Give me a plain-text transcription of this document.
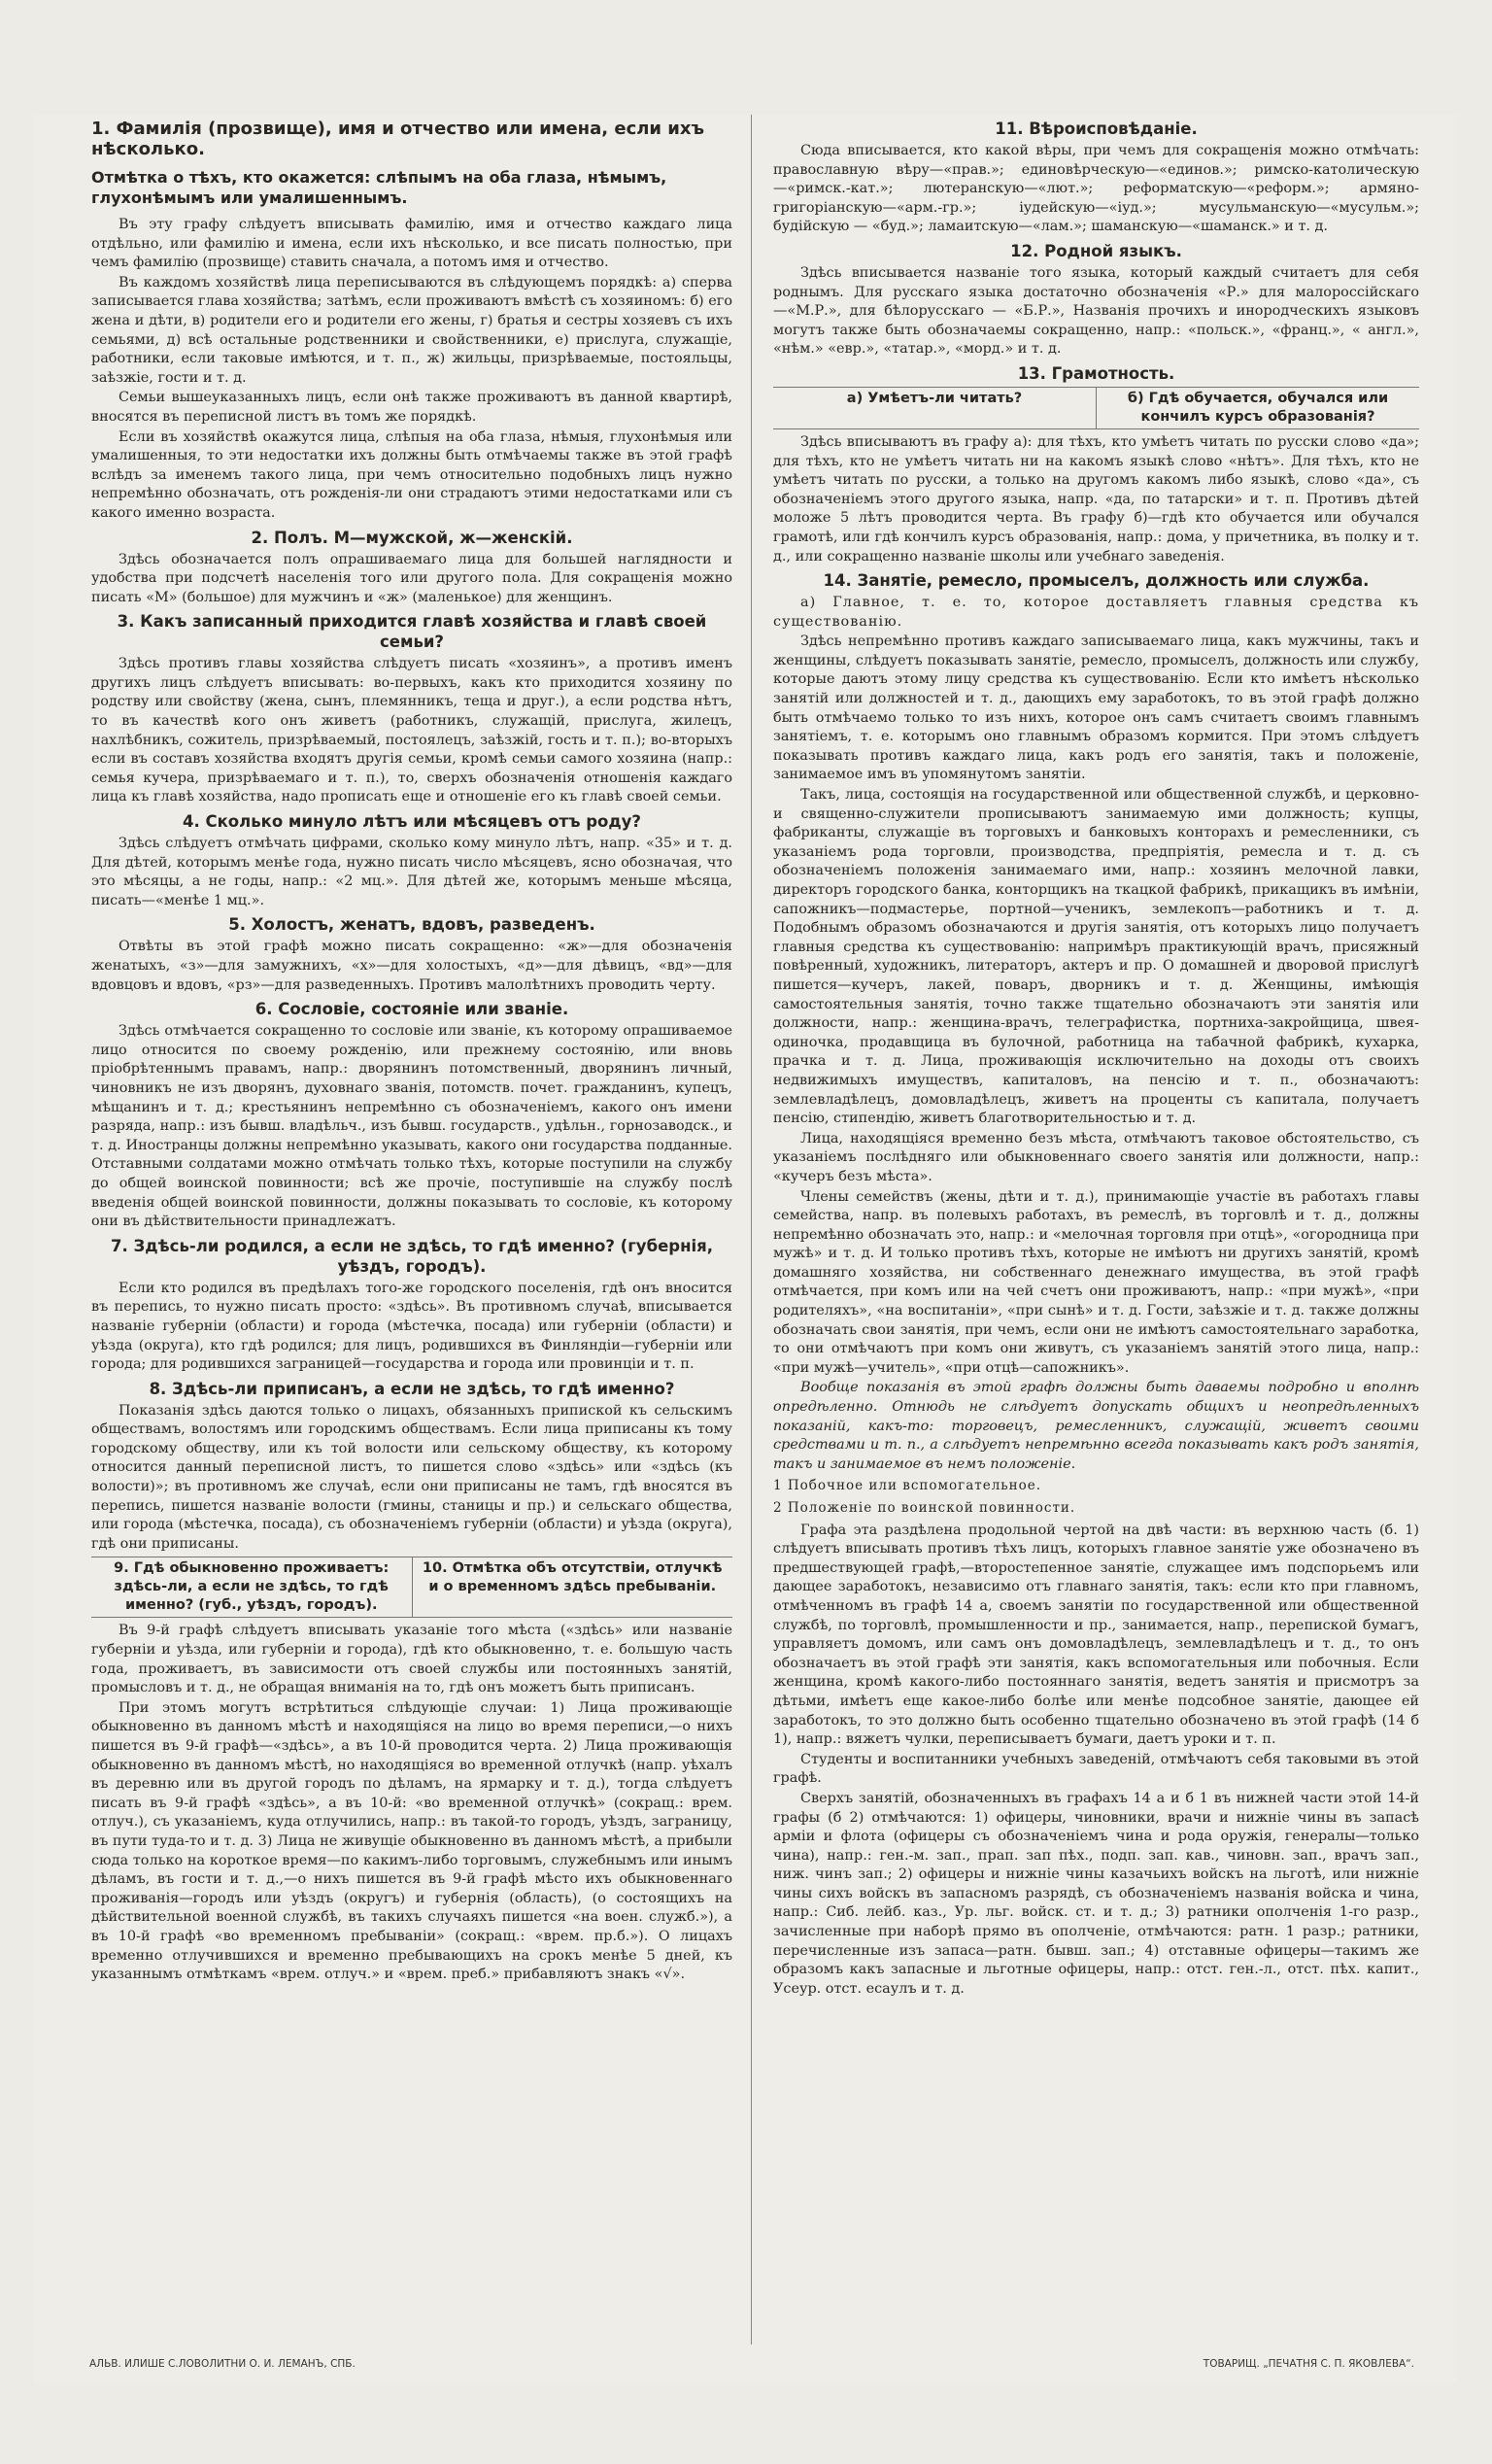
1. Фамилія (прозвище), имя и отчество или имена, если ихъ нѣсколько.
Отмѣтка о тѣхъ, кто окажется: слѣпымъ на оба глаза, нѣмымъ, глухонѣмымъ или умалишеннымъ.

Въ эту графу слѣдуетъ вписывать фамилію, имя и отчество каждаго лица отдѣльно, или фамилію и имена, если ихъ нѣсколько, и все писать полностью, при чемъ фамилію (прозвище) ставить сначала, а потомъ имя и отчество.

Въ каждомъ хозяйствѣ лица переписываются въ слѣдующемъ порядкѣ: а) сперва записывается глава хозяйства; затѣмъ, если проживаютъ вмѣстѣ съ хозяиномъ: б) его жена и дѣти, в) родители его и родители его жены, г) братья и сестры хозяевъ съ ихъ семьями, д) всѣ остальные родственники и свойственники, е) прислуга, служащіе, работники, если таковые имѣются, и т. п., ж) жильцы, призрѣваемые, постояльцы, заѣзжіе, гости и т. д.

Семьи вышеуказанныхъ лицъ, если онѣ также проживаютъ въ данной квартирѣ, вносятся въ переписной листъ въ томъ же порядкѣ.

Если въ хозяйствѣ окажутся лица, слѣпыя на оба глаза, нѣмыя, глухонѣмыя или умалишенныя, то эти недостатки ихъ должны быть отмѣчаемы также въ этой графѣ вслѣдъ за именемъ такого лица, при чемъ относительно подобныхъ лицъ нужно непремѣнно обозначать, отъ рожденія-ли они страдаютъ этими недостатками или съ какого именно возраста.

2. Полъ. М—мужской, ж—женскій.

Здѣсь обозначается полъ опрашиваемаго лица для большей наглядности и удобства при подсчетѣ населенія того или другого пола. Для сокращенія можно писать «М» (большое) для мужчинъ и «ж» (маленькое) для женщинъ.

3. Какъ записанный приходится главѣ хозяйства и главѣ своей семьи?

Здѣсь противъ главы хозяйства слѣдуетъ писать «хозяинъ», а противъ именъ другихъ лицъ слѣдуетъ вписывать: во-первыхъ, какъ кто приходится хозяину по родству или свойству (жена, сынъ, племянникъ, теща и друг.), а если родства нѣтъ, то въ качествѣ кого онъ живетъ (работникъ, служащій, прислуга, жилецъ, нахлѣбникъ, сожитель, призрѣваемый, постоялецъ, заѣзжій, гость и т. п.); во-вторыхъ если въ составъ хозяйства входятъ другія семьи, кромѣ семьи самого хозяина (напр.: семья кучера, призрѣваемаго и т. п.), то, сверхъ обозначенія отношенія каждаго лица къ главѣ хозяйства, надо прописать еще и отношеніе его къ главѣ своей семьи.

4. Сколько минуло лѣтъ или мѣсяцевъ отъ роду?

Здѣсь слѣдуетъ отмѣчать цифрами, сколько кому минуло лѣтъ, напр. «35» и т. д. Для дѣтей, которымъ менѣе года, нужно писать число мѣсяцевъ, ясно обозначая, что это мѣсяцы, а не годы, напр.: «2 мц.». Для дѣтей же, которымъ меньше мѣсяца, писать—«менѣе 1 мц.».

5. Холостъ, женатъ, вдовъ, разведенъ.

Отвѣты въ этой графѣ можно писать сокращенно: «ж»—для обозначенія женатыхъ, «з»—для замужнихъ, «х»—для холостыхъ, «д»—для дѣвицъ, «вд»—для вдовцовъ и вдовъ, «рз»—для разведенныхъ. Противъ малолѣтнихъ проводить черту.

6. Сословіе, состояніе или званіе.

Здѣсь отмѣчается сокращенно то сословіе или званіе, къ которому опрашиваемое лицо относится по своему рожденію, или прежнему состоянію, или вновь пріобрѣтеннымъ правамъ, напр.: дворянинъ потомственный, дворянинъ личный, чиновникъ не изъ дворянъ, духовнаго званія, потомств. почет. гражданинъ, купецъ, мѣщанинъ и т. д.; крестьянинъ непремѣнно съ обозначеніемъ, какого онъ имени разряда, напр.: изъ бывш. владѣльч., изъ бывш. государств., удѣльн., горнозаводск., и т. д. Иностранцы должны непремѣнно указывать, какого они государства подданные. Отставными солдатами можно отмѣчать только тѣхъ, которые поступили на службу до общей воинской повинности; всѣ же прочіе, поступившіе на службу послѣ введенія общей воинской повинности, должны показывать то сословіе, къ которому они въ дѣйствительности принадлежатъ.

7. Здѣсь-ли родился, а если не здѣсь, то гдѣ именно? (губернія, уѣздъ, городъ).

Если кто родился въ предѣлахъ того-же городского поселенія, гдѣ онъ вносится въ перепись, то нужно писать просто: «здѣсь». Въ противномъ случаѣ, вписывается названіе губерніи (области) и города (мѣстечка, посада) или губерніи (области) и уѣзда (округа), кто гдѣ родился; для лицъ, родившихся въ Финляндіи—губерніи или города; для родившихся заграницей—государства и города или провинціи и т. п.

8. Здѣсь-ли приписанъ, а если не здѣсь, то гдѣ именно?

Показанія здѣсь даются только о лицахъ, обязанныхъ припиской къ сельскимъ обществамъ, волостямъ или городскимъ обществамъ. Если лица приписаны къ тому городскому обществу, или къ той волости или сельскому обществу, къ которому относится данный переписной листъ, то пишется слово «здѣсь» или «здѣсь (къ волости)»; въ противномъ же случаѣ, если они приписаны не тамъ, гдѣ вносятся въ перепись, пишется названіе волости (гмины, станицы и пр.) и сельскаго общества, или города (мѣстечка, посада), съ обозначеніемъ губерніи (области) и уѣзда (округа), гдѣ они приписаны.

9. Гдѣ обыкновенно проживаетъ: здѣсь-ли, а если не здѣсь, то гдѣ именно? (губ., уѣздъ, городъ).
10. Отмѣтка объ отсутствіи, отлучкѣ и о временномъ здѣсь пребываніи.

Въ 9-й графѣ слѣдуетъ вписывать указаніе того мѣста («здѣсь» или названіе губерніи и уѣзда, или губерніи и города), гдѣ кто обыкновенно, т. е. большую часть года, проживаетъ, въ зависимости отъ своей службы или постоянныхъ занятій, промысловъ и т. д., не обращая вниманія на то, гдѣ онъ можетъ быть приписанъ.

При этомъ могутъ встрѣтиться слѣдующіе случаи: 1) Лица проживающіе обыкновенно въ данномъ мѣстѣ и находящіяся на лицо во время переписи,—о нихъ пишется въ 9-й графѣ—«здѣсь», а въ 10-й проводится черта. 2) Лица проживающія обыкновенно въ данномъ мѣстѣ, но находящіяся во временной отлучкѣ (напр. уѣхалъ въ деревню или въ другой городъ по дѣламъ, на ярмарку и т. д.), тогда слѣдуетъ писать въ 9-й графѣ «здѣсь», а въ 10-й: «во временной отлучкѣ» (сокращ.: врем. отлуч.), съ указаніемъ, куда отлучились, напр.: въ такой-то городъ, уѣздъ, заграницу, въ пути туда-то и т. д. 3) Лица не живущіе обыкновенно въ данномъ мѣстѣ, а прибыли сюда только на короткое время—по какимъ-либо торговымъ, служебнымъ или инымъ дѣламъ, въ гости и т. д.,—о нихъ пишется въ 9-й графѣ мѣсто ихъ обыкновеннаго проживанія—городъ или уѣздъ (округъ) и губернія (область), (о состоящихъ на дѣйствительной военной службѣ, въ такихъ случаяхъ пишется «на воен. служб.»), а въ 10-й графѣ «во временномъ пребываніи» (сокращ.: «врем. пр.б.»). О лицахъ временно отлучившихся и временно пребывающихъ на срокъ менѣе 5 дней, къ указаннымъ отмѣткамъ «врем. отлуч.» и «врем. преб.» прибавляютъ знакъ «√».

11. Вѣроисповѣданіе.

Сюда вписывается, кто какой вѣры, при чемъ для сокращенія можно отмѣчать: православную вѣру—«прав.»; единовѣрческую—«единов.»; римско-католическую—«римск.-кат.»; лютеранскую—«лют.»; реформатскую—«реформ.»; армяно-григоріанскую—«арм.-гр.»; іудейскую—«іуд.»; мусульманскую—«мусульм.»; будійскую — «буд.»; ламаитскую—«лам.»; шаманскую—«шаманск.» и т. д.

12. Родной языкъ.

Здѣсь вписывается названіе того языка, который каждый считаетъ для себя роднымъ. Для русскаго языка достаточно обозначенія «Р.» для малороссійскаго—«М.Р.», для бѣлорусскаго — «Б.Р.», Названія прочихъ и инородческихъ языковъ могутъ также быть обозначаемы сокращенно, напр.: «польск.», «франц.», « англ.», «нѣм.» «евр.», «татар.», «морд.» и т. д.

13. Грамотность.
а) Умѣетъ-ли читать?	б) Гдѣ обучается, обучался или кончилъ курсъ образованія?

Здѣсь вписываютъ въ графу а): для тѣхъ, кто умѣетъ читать по русски слово «да»; для тѣхъ, кто не умѣетъ читать ни на какомъ языкѣ слово «нѣтъ». Для тѣхъ, кто не умѣетъ читать по русски, а только на другомъ какомъ либо языкѣ, слово «да», съ обозначеніемъ этого другого языка, напр. «да, по татарски» и т. п. Противъ дѣтей моложе 5 лѣтъ проводится черта. Въ графу б)—гдѣ кто обучается или обучался грамотѣ, или гдѣ кончилъ курсъ образованія, напр.: дома, у причетника, въ полку и т. д., или сокращенно названіе школы или учебнаго заведенія.

14. Занятіе, ремесло, промыселъ, должность или служба.

а) Главное, т. е. то, которое доставляетъ главныя средства къ существованію.

Здѣсь непремѣнно противъ каждаго записываемаго лица, какъ мужчины, такъ и женщины, слѣдуетъ показывать занятіе, ремесло, промыселъ, должность или службу, которые даютъ этому лицу средства къ существованію. Если кто имѣетъ нѣсколько занятій или должностей и т. д., дающихъ ему заработокъ, то въ этой графѣ должно быть отмѣчаемо только то изъ нихъ, которое онъ самъ считаетъ своимъ главнымъ занятіемъ, т. е. которымъ оно главнымъ образомъ кормится. При этомъ слѣдуетъ показывать противъ каждаго лица, какъ родъ его занятія, такъ и положеніе, занимаемое имъ въ упомянутомъ занятіи.

Такъ, лица, состоящія на государственной или общественной службѣ, и церковно-и священно-служители прописываютъ занимаемую ими должность; купцы, фабриканты, служащіе въ торговыхъ и банковыхъ конторахъ и ремесленники, съ указаніемъ рода торговли, производства, предпріятія, ремесла и т. д. съ обозначеніемъ положенія занимаемаго ими, напр.: хозяинъ мелочной лавки, директоръ городского банка, конторщикъ на ткацкой фабрикѣ, прикащикъ въ имѣніи, сапожникъ—подмастерье, портной—ученикъ, землекопъ—работникъ и т. д. Подобнымъ образомъ обозначаются и другія занятія, отъ которыхъ лицо получаетъ главныя средства къ существованію: напримѣръ практикующій врачъ, присяжный повѣренный, художникъ, литераторъ, актеръ и пр. О домашней и дворовой прислугѣ пишется—кучеръ, лакей, поваръ, дворникъ и т. д. Женщины, имѣющія самостоятельныя занятія, точно также тщательно обозначаютъ эти занятія или должности, напр.: женщина-врачъ, телеграфистка, портниха-закройщица, швея-одиночка, продавщица въ булочной, работница на табачной фабрикѣ, кухарка, прачка и т. д. Лица, проживающія исключительно на доходы отъ своихъ недвижимыхъ имуществъ, капиталовъ, на пенсію и т. п., обозначаютъ: землевладѣлецъ, домовладѣлецъ, живетъ на проценты съ капитала, получаетъ пенсію, стипендію, живетъ благотворительностью и т. д.

Лица, находящіяся временно безъ мѣста, отмѣчаютъ таковое обстоятельство, съ указаніемъ послѣдняго или обыкновеннаго своего занятія или должности, напр.: «кучеръ безъ мѣста».

Члены семействъ (жены, дѣти и т. д.), принимающіе участіе въ работахъ главы семейства, напр. въ полевыхъ работахъ, въ ремеслѣ, въ торговлѣ и т. д., должны непремѣнно обозначать это, напр.: и «мелочная торговля при отцѣ», «огородница при мужѣ» и т. д. И только противъ тѣхъ, которые не имѣютъ ни другихъ занятій, кромѣ домашняго хозяйства, ни собственнаго денежнаго имущества, въ этой графѣ отмѣчается, при комъ или на чей счетъ они проживаютъ, напр.: «при мужѣ», «при родителяхъ», «на воспитаніи», «при сынѣ» и т. д. Гости, заѣзжіе и т. д. также должны обозначать свои занятія, при чемъ, если они не имѣютъ самостоятельнаго заработка, то они отмѣчаютъ при комъ они живутъ, съ указаніемъ занятій этого лица, напр.: «при мужѣ—учитель», «при отцѣ—сапожникъ».

Вообще показанія въ этой графѣ должны быть даваемы подробно и вполнѣ опредѣленно. Отнюдь не слѣдуетъ допускать общихъ и неопредѣленныхъ показаній, какъ-то: торговецъ, ремесленникъ, служащій, живетъ своими средствами и т. п., а слѣдуетъ непремѣнно всегда показывать какъ родъ занятія, такъ и занимаемое въ немъ положеніе.

1 Побочное или вспомогательное.
2 Положеніе по воинской повинности.

Графа эта раздѣлена продольной чертой на двѣ части: въ верхнюю часть (б. 1) слѣдуетъ вписывать противъ тѣхъ лицъ, которыхъ главное занятіе уже обозначено въ предшествующей графѣ,—второстепенное занятіе, служащее имъ подспорьемъ или дающее заработокъ, независимо отъ главнаго занятія, такъ: если кто при главномъ, отмѣченномъ въ графѣ 14 а, своемъ занятіи по государственной или общественной службѣ, по торговлѣ, промышленности и пр., занимается, напр., перепиской бумагъ, управляетъ домомъ, или самъ онъ домовладѣлецъ, землевладѣлецъ и т. д., то онъ обозначаетъ въ этой графѣ эти занятія, какъ вспомогательныя или побочныя. Если женщина, кромѣ какого-либо постояннаго занятія, ведетъ занятія и присмотръ за дѣтьми, имѣетъ еще какое-либо болѣе или менѣе подсобное занятіе, дающее ей заработокъ, то это должно быть особенно тщательно обозначено въ этой графѣ (14 б 1), напр.: вяжетъ чулки, переписываетъ бумаги, даетъ уроки и т. п.

Студенты и воспитанники учебныхъ заведеній, отмѣчаютъ себя таковыми въ этой графѣ.

Сверхъ занятій, обозначенныхъ въ графахъ 14 а и б 1 въ нижней части этой 14-й графы (б 2) отмѣчаются: 1) офицеры, чиновники, врачи и нижніе чины въ запасѣ арміи и флота (офицеры съ обозначеніемъ чина и рода оружія, генералы—только чина), напр.: ген.-м. зап., прап. зап пѣх., подп. зап. кав., чиновн. зап., врачъ зап., ниж. чинъ зап.; 2) офицеры и нижніе чины казачьихъ войскъ на льготѣ, или нижніе чины сихъ войскъ въ запасномъ разрядѣ, съ обозначеніемъ названія войска и чина, напр.: Сиб. лейб. каз., Ур. льг. войск. ст. и т. д.; 3) ратники ополченія 1-го разр., зачисленные при наборѣ прямо въ ополченіе, отмѣчаются: ратн. 1 разр.; ратники, перечисленные изъ запаса—ратн. бывш. зап.; 4) отставные офицеры—такимъ же образомъ какъ запасные и льготные офицеры, напр.: отст. ген.-л., отст. пѣх. капит., Усеур. отст. есаулъ и т. д.

АЛЬВ. ИЛИШЕ С.ЛОВОЛИТНИ О. И. ЛЕМАНЪ, СПБ.	ТОВАРИЩ. „ПЕЧАТНЯ С. П. ЯКОВЛЕВА“.
